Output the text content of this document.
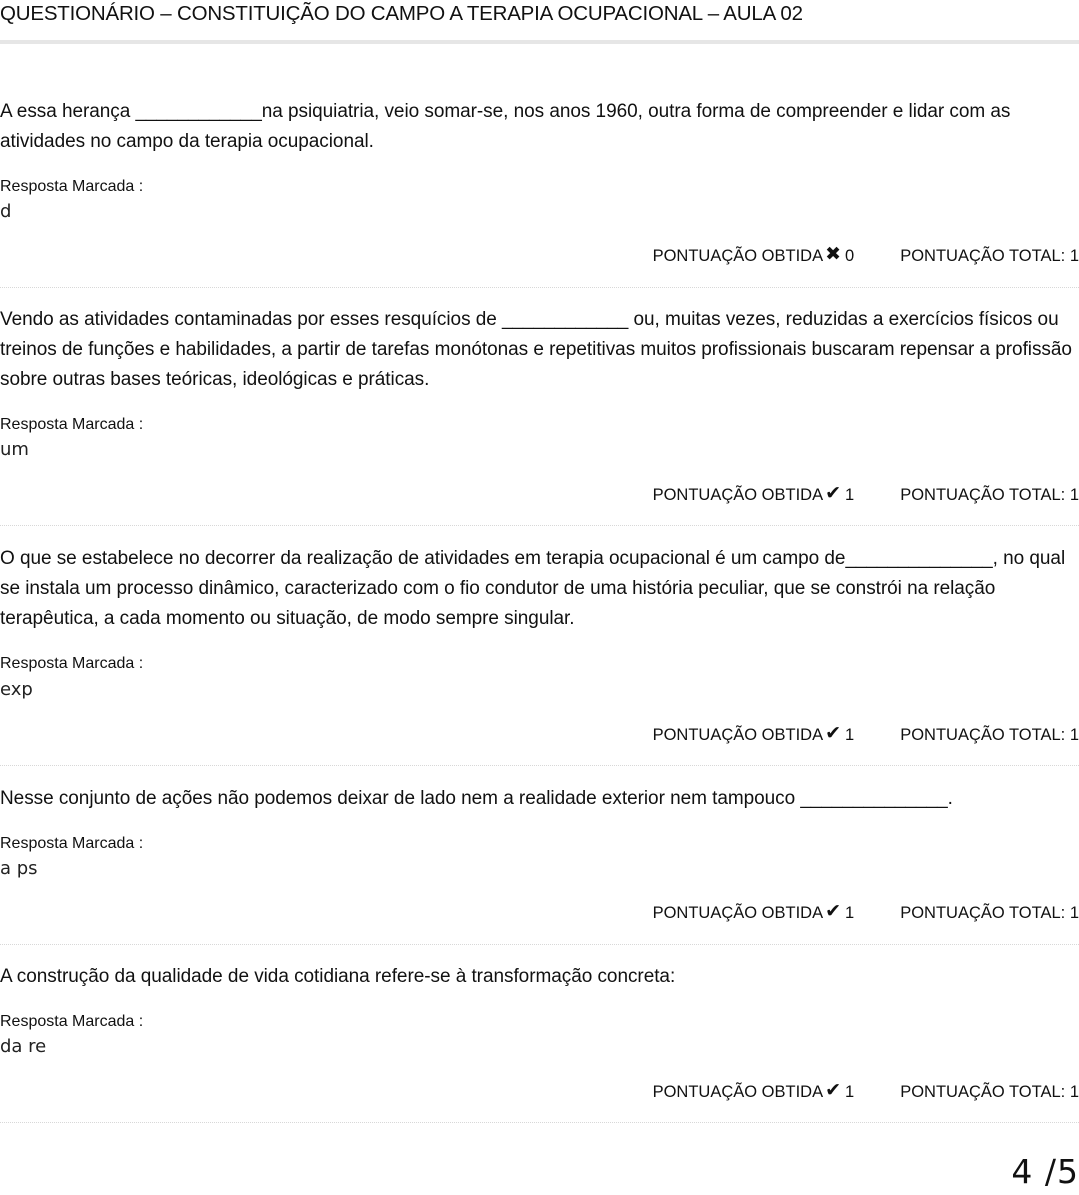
QUESTIONÁRIO – CONSTITUIÇÃO DO CAMPO A TERAPIA OCUPACIONAL – AULA 02

A essa herança ____________na psiquiatria, veio somar-se, nos anos 1960, outra forma de compreender e lidar com as atividades no campo da terapia ocupacional.

Resposta Marcada :
d
PONTUAÇÃO OBTIDA ✖ 0	PONTUAÇÃO TOTAL: 1

Vendo as atividades contaminadas por esses resquícios de ____________ ou, muitas vezes, reduzidas a exercícios físicos ou treinos de funções e habilidades, a partir de tarefas monótonas e repetitivas muitos profissionais buscaram repensar a profissão sobre outras bases teóricas, ideológicas e práticas.

Resposta Marcada :
um
PONTUAÇÃO OBTIDA ✔ 1	PONTUAÇÃO TOTAL: 1

O que se estabelece no decorrer da realização de atividades em terapia ocupacional é um campo de______________, no qual se instala um processo dinâmico, caracterizado com o fio condutor de uma história peculiar, que se constrói na relação terapêutica, a cada momento ou situação, de modo sempre singular.

Resposta Marcada :
exp
PONTUAÇÃO OBTIDA ✔ 1	PONTUAÇÃO TOTAL: 1

Nesse conjunto de ações não podemos deixar de lado nem a realidade exterior nem tampouco ______________.

Resposta Marcada :
a ps
PONTUAÇÃO OBTIDA ✔ 1	PONTUAÇÃO TOTAL: 1

A construção da qualidade de vida cotidiana refere-se à transformação concreta:

Resposta Marcada :
da re
PONTUAÇÃO OBTIDA ✔ 1	PONTUAÇÃO TOTAL: 1
4 /5
